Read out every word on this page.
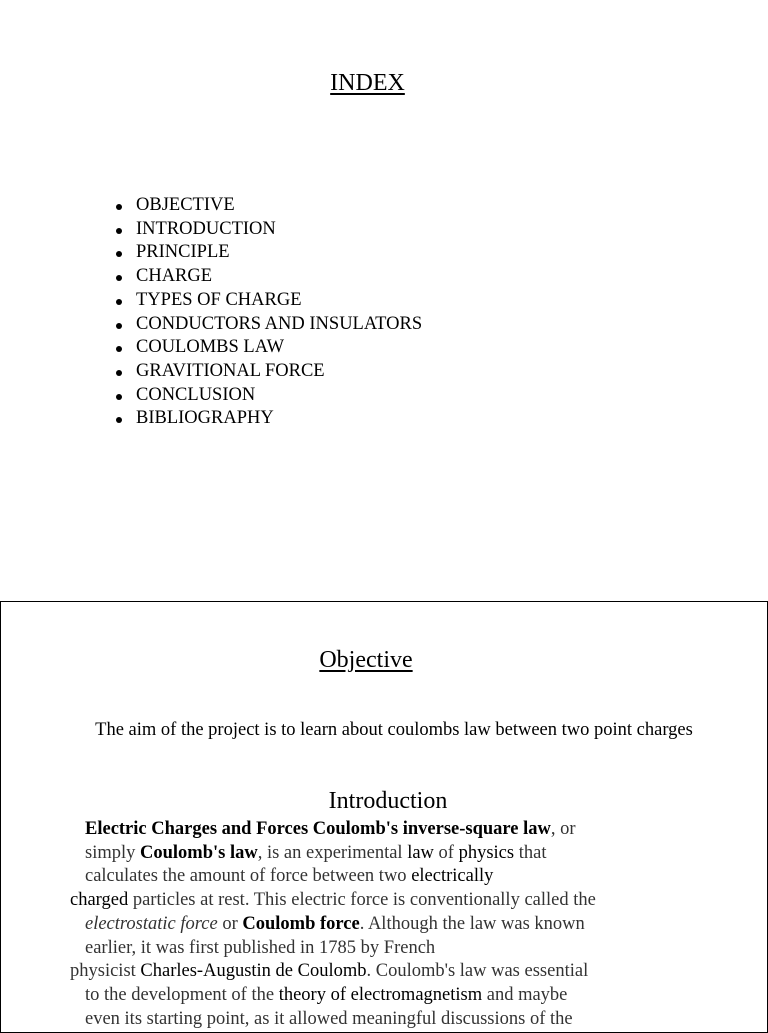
INDEX
OBJECTIVE
INTRODUCTION
PRINCIPLE
CHARGE
TYPES OF CHARGE
CONDUCTORS AND INSULATORS
COULOMBS LAW
GRAVITIONAL FORCE
CONCLUSION
BIBLIOGRAPHY
Objective

The aim of the project is to learn about coulombs law between two point charges

Introduction
Electric Charges and Forces Coulomb's inverse-square law, or
simply Coulomb's law, is an experimental law of physics that
calculates the amount of force between two electrically
charged particles at rest. This electric force is conventionally called the
electrostatic force or Coulomb force. Although the law was known
earlier, it was first published in 1785 by French
physicist Charles-Augustin de Coulomb. Coulomb's law was essential
to the development of the theory of electromagnetism and maybe
even its starting point, as it allowed meaningful discussions of the
